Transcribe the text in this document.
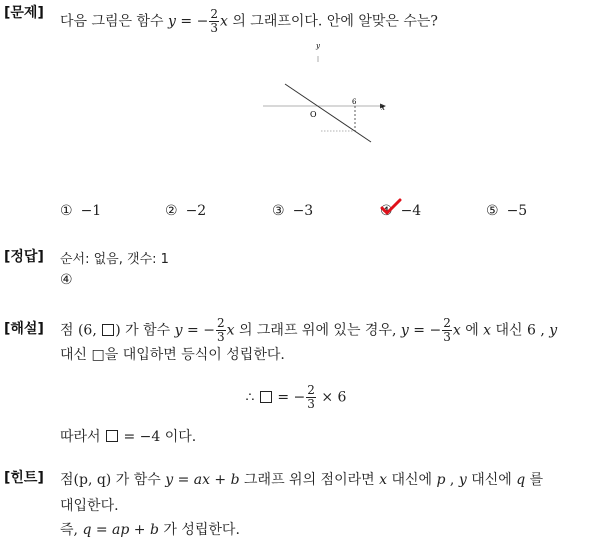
[문제]
다음 그림은 함수 y = − $\frac{2}{3}$ x 의 그래프이다. 안에 알맞은 수는?
y
x
O
6
① −1	② −2	③ −3	④ −4	⑤ −5
[정답] 순서: 없음, 갯수: 1
④
[해설] 점 (6, ) 가 함수 y = − $\frac{2}{3}$ x 의 그래프 위에 있는 경우, y = − $\frac{2}{3}$ x 에 x 대신 6 , y
대신 □을 대입하면 등식이 성립한다.
∴  = − $\frac{2}{3} \times 6$
따라서 = −4 이다.
[힌트] 점(p, q) 가 함수 y = ax + b 그래프 위의 점이라면 x 대신에 p , y 대신에 q 를
대입한다.
즉, q = ap + b 가 성립한다.
